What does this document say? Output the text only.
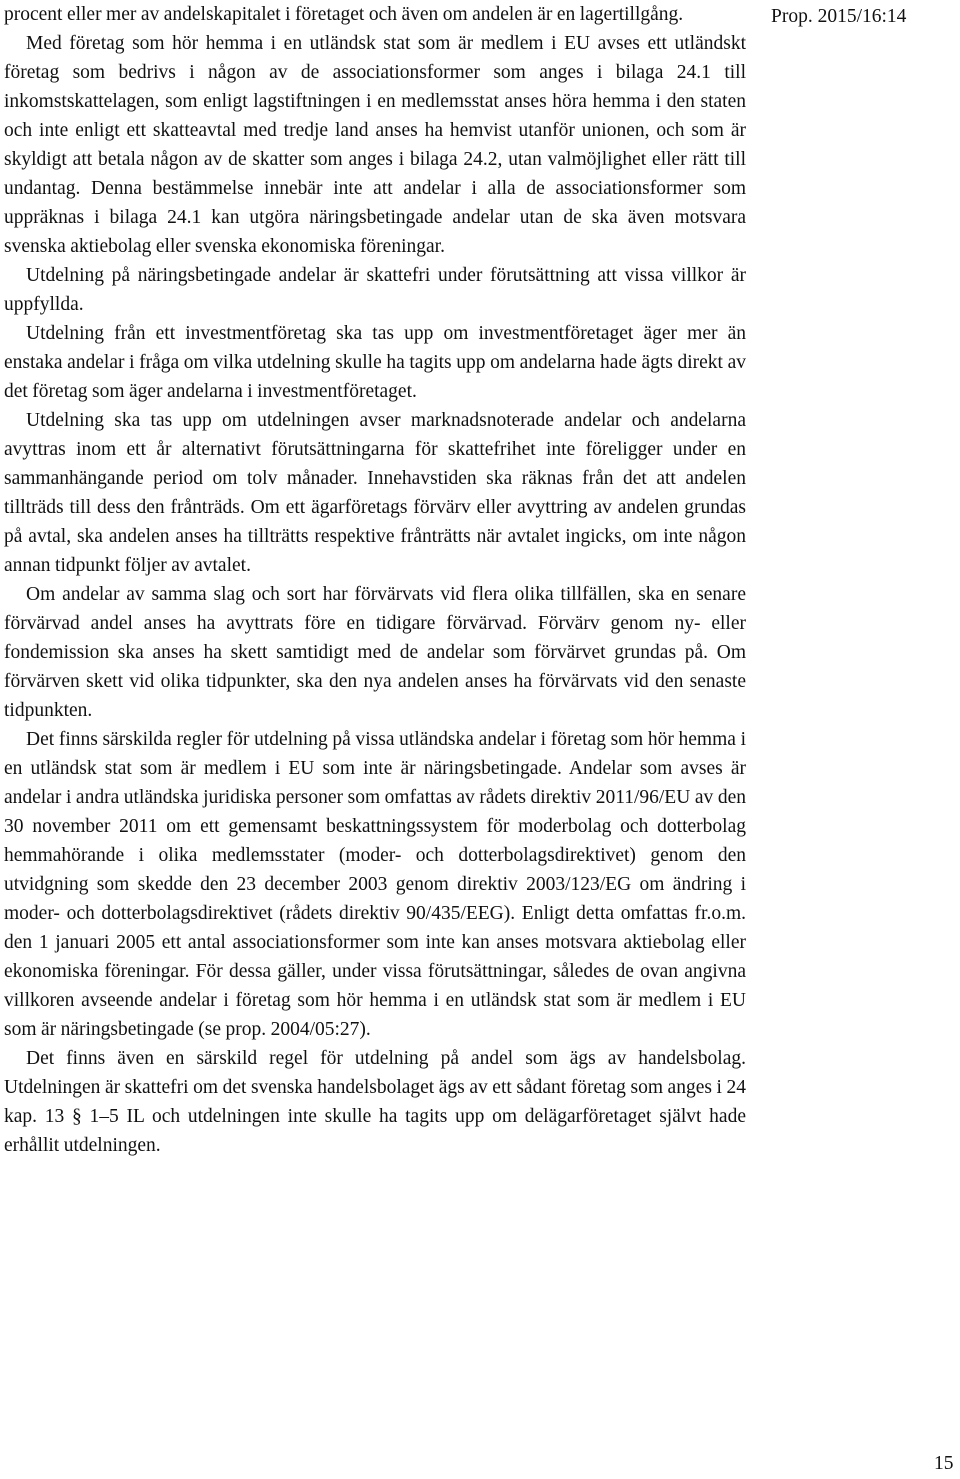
Prop. 2015/16:14

procent eller mer av andelskapitalet i företaget och även om andelen är en lagertillgång.

Med företag som hör hemma i en utländsk stat som är medlem i EU avses ett utländskt företag som bedrivs i någon av de associationsformer som anges i bilaga 24.1 till inkomstskattelagen, som enligt lagstiftningen i en medlemsstat anses höra hemma i den staten och inte enligt ett skatteavtal med tredje land anses ha hemvist utanför unionen, och som är skyldigt att betala någon av de skatter som anges i bilaga 24.2, utan valmöjlighet eller rätt till undantag. Denna bestämmelse innebär inte att andelar i alla de associationsformer som uppräknas i bilaga 24.1 kan utgöra näringsbetingade andelar utan de ska även motsvara svenska aktiebolag eller svenska ekonomiska föreningar.

Utdelning på näringsbetingade andelar är skattefri under förutsättning att vissa villkor är uppfyllda.

Utdelning från ett investmentföretag ska tas upp om investmentföretaget äger mer än enstaka andelar i fråga om vilka utdelning skulle ha tagits upp om andelarna hade ägts direkt av det företag som äger andelarna i investmentföretaget.

Utdelning ska tas upp om utdelningen avser marknadsnoterade andelar och andelarna avyttras inom ett år alternativt förutsättningarna för skattefrihet inte föreligger under en sammanhängande period om tolv månader. Innehavstiden ska räknas från det att andelen tillträds till dess den frånträds. Om ett ägarföretags förvärv eller avyttring av andelen grundas på avtal, ska andelen anses ha tillträtts respektive frånträtts när avtalet ingicks, om inte någon annan tidpunkt följer av avtalet.

Om andelar av samma slag och sort har förvärvats vid flera olika tillfällen, ska en senare förvärvad andel anses ha avyttrats före en tidigare förvärvad. Förvärv genom ny- eller fondemission ska anses ha skett samtidigt med de andelar som förvärvet grundas på. Om förvärven skett vid olika tidpunkter, ska den nya andelen anses ha förvärvats vid den senaste tidpunkten.

Det finns särskilda regler för utdelning på vissa utländska andelar i företag som hör hemma i en utländsk stat som är medlem i EU som inte är näringsbetingade. Andelar som avses är andelar i andra utländska juridiska personer som omfattas av rådets direktiv 2011/96/EU av den 30 november 2011 om ett gemensamt beskattningssystem för moderbolag och dotterbolag hemmahörande i olika medlemsstater (moder- och dotterbolagsdirektivet) genom den utvidgning som skedde den 23 december 2003 genom direktiv 2003/123/EG om ändring i moder- och dotterbolagsdirektivet (rådets direktiv 90/435/EEG). Enligt detta omfattas fr.o.m. den 1 januari 2005 ett antal associationsformer som inte kan anses motsvara aktiebolag eller ekonomiska föreningar. För dessa gäller, under vissa förutsättningar, således de ovan angivna villkoren avseende andelar i företag som hör hemma i en utländsk stat som är medlem i EU som är näringsbetingade (se prop. 2004/05:27).

Det finns även en särskild regel för utdelning på andel som ägs av handelsbolag. Utdelningen är skattefri om det svenska handelsbolaget ägs av ett sådant företag som anges i 24 kap. 13 § 1–5 IL och utdelningen inte skulle ha tagits upp om delägarföretaget självt hade erhållit utdelningen.

15
